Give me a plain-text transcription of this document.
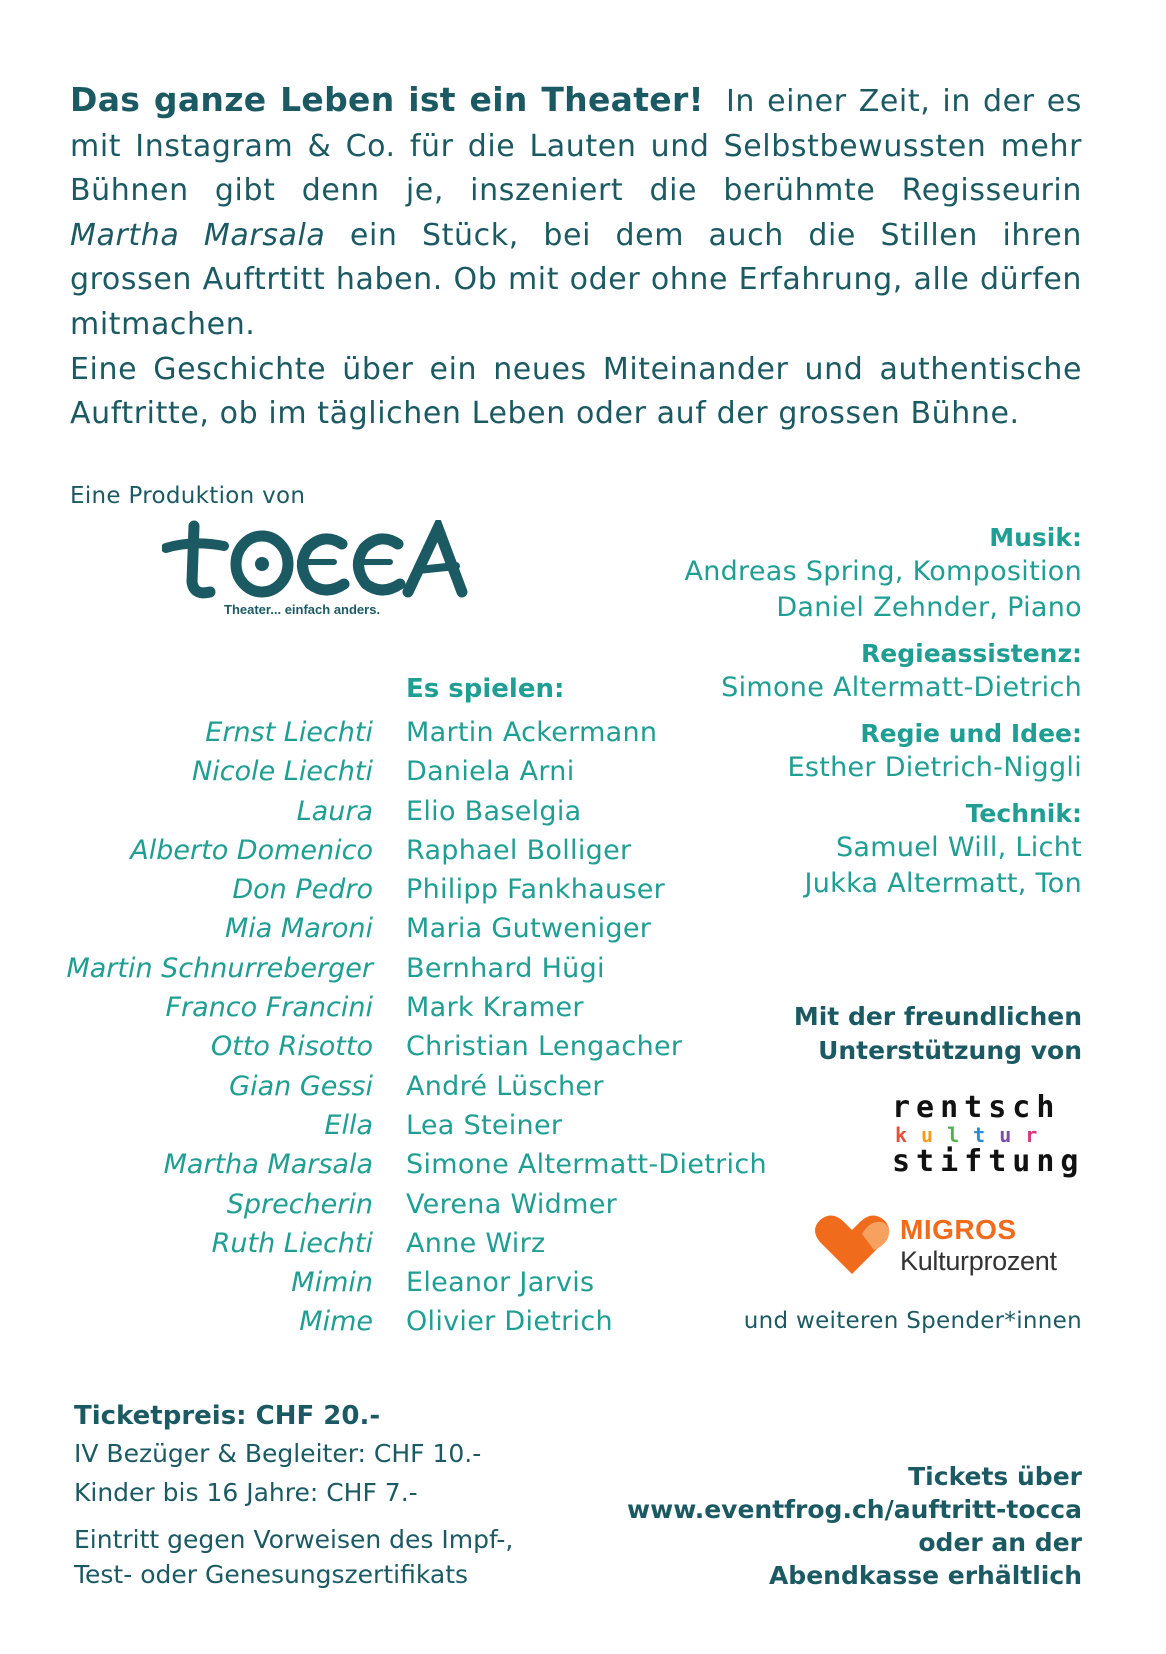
Das ganze Leben ist ein Theater! In einer Zeit, in der es mit Instagram & Co. für die Lauten und Selbstbewussten mehr Bühnen gibt denn je, inszeniert die berühmte Regisseurin Martha Marsala ein Stück, bei dem auch die Stillen ihren grossen Auftrtitt haben. Ob mit oder ohne Erfahrung, alle dürfen mitmachen.

Eine Geschichte über ein neues Miteinander und authentische Auftritte, ob im täglichen Leben oder auf der grossen Bühne.

Eine Produktion von
Theater... einfach anders.
Musik:
Andreas Spring, Komposition
Daniel Zehnder, Piano
Regieassistenz:
Simone Altermatt-Dietrich
Regie und Idee:
Esther Dietrich-Niggli
Technik:
Samuel Will, Licht
Jukka Altermatt, Ton
Es spielen:
Ernst Liechti
Nicole Liechti
Laura
Alberto Domenico
Don Pedro
Mia Maroni
Martin Schnurreberger
Franco Francini
Otto Risotto
Gian Gessi
Ella
Martha Marsala
Sprecherin
Ruth Liechti
Mimin
Mime
Martin Ackermann
Daniela Arni
Elio Baselgia
Raphael Bolliger
Philipp Fankhauser
Maria Gutweniger
Bernhard Hügi
Mark Kramer
Christian Lengacher
André Lüscher
Lea Steiner
Simone Altermatt-Dietrich
Verena Widmer
Anne Wirz
Eleanor Jarvis
Olivier Dietrich
Mit der freundlichen
Unterstützung von
rentsch
kultur
stiftung
MIGROS
Kulturprozent
und weiteren Spender*innen
Ticketpreis: CHF 20.-
IV Bezüger & Begleiter: CHF 10.-
Kinder bis 16 Jahre: CHF 7.-
Eintritt gegen Vorweisen des Impf-,
Test- oder Genesungszertifikats
Tickets über
www.eventfrog.ch/auftritt-tocca
oder an der
Abendkasse erhältlich
